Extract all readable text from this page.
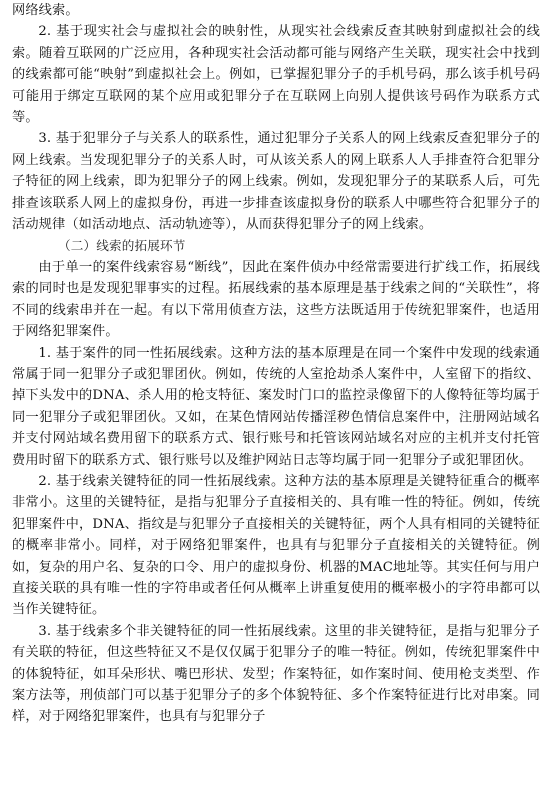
网络线索。

2. 基于现实社会与虚拟社会的映射性，从现实社会线索反查其映射到虚拟社会的线索。随着互联网的广泛应用，各种现实社会活动都可能与网络产生关联，现实社会中找到的线索都可能“映射”到虚拟社会上。例如，已掌握犯罪分子的手机号码，那么该手机号码可能用于绑定互联网的某个应用或犯罪分子在互联网上向别人提供该号码作为联系方式等。

3. 基于犯罪分子与关系人的联系性，通过犯罪分子关系人的网上线索反查犯罪分子的网上线索。当发现犯罪分子的关系人时，可从该关系人的网上联系人人手排查符合犯罪分子特征的网上线索，即为犯罪分子的网上线索。例如，发现犯罪分子的某联系人后，可先排查该联系人网上的虚拟身份，再进一步排查该虚拟身份的联系人中哪些符合犯罪分子的活动规律（如活动地点、活动轨迹等），从而获得犯罪分子的网上线索。

（二）线索的拓展环节

由于单一的案件线索容易“断线”，因此在案件侦办中经常需要进行扩线工作，拓展线索的同时也是发现犯罪事实的过程。拓展线索的基本原理是基于线索之间的“关联性”，将不同的线索串并在一起。有以下常用侦查方法，这些方法既适用于传统犯罪案件，也适用于网络犯罪案件。

1. 基于案件的同一性拓展线索。这种方法的基本原理是在同一个案件中发现的线索通常属于同一犯罪分子或犯罪团伙。例如，传统的人室抢劫杀人案件中，人室留下的指纹、掉下头发中的DNA、杀人用的枪支特征、案发时门口的监控录像留下的人像特征等均属于同一犯罪分子或犯罪团伙。又如，在某色情网站传播淫秽色情信息案件中，注册网站域名并支付网站域名费用留下的联系方式、银行账号和托管该网站域名对应的主机并支付托管费用时留下的联系方式、银行账号以及维护网站日志等均属于同一犯罪分子或犯罪团伙。

2. 基于线索关键特征的同一性拓展线索。这种方法的基本原理是关键特征重合的概率非常小。这里的关键特征，是指与犯罪分子直接相关的、具有唯一性的特征。例如，传统犯罪案件中，DNA、指纹是与犯罪分子直接相关的关键特征，两个人具有相同的关键特征的概率非常小。同样，对于网络犯罪案件，也具有与犯罪分子直接相关的关键特征。例如，复杂的用户名、复杂的口令、用户的虚拟身份、机器的MAC地址等。其实任何与用户直接关联的具有唯一性的字符串或者任何从概率上讲重复使用的概率极小的字符串都可以当作关键特征。

3. 基于线索多个非关键特征的同一性拓展线索。这里的非关键特征，是指与犯罪分子有关联的特征，但这些特征又不是仅仅属于犯罪分子的唯一特征。例如，传统犯罪案件中的体貌特征，如耳朵形状、嘴巴形状、发型；作案特征，如作案时间、使用枪支类型、作案方法等，刑侦部门可以基于犯罪分子的多个体貌特征、多个作案特征进行比对串案。同样，对于网络犯罪案件，也具有与犯罪分子
